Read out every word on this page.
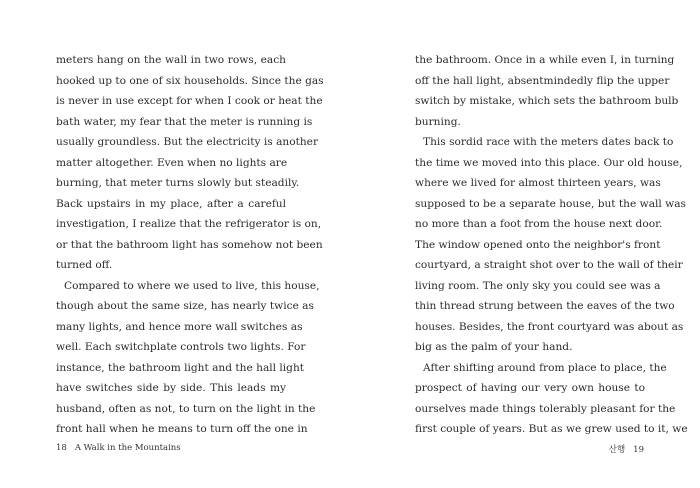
meters hang on the wall in two rows, each
hooked up to one of six households. Since the gas
is never in use except for when I cook or heat the
bath water, my fear that the meter is running is
usually groundless. But the electricity is another
matter altogether. Even when no lights are
burning, that meter turns slowly but steadily.
Back upstairs in my place, after a careful
investigation, I realize that the refrigerator is on,
or that the bathroom light has somehow not been
turned off.
Compared to where we used to live, this house,
though about the same size, has nearly twice as
many lights, and hence more wall switches as
well. Each switchplate controls two lights. For
instance, the bathroom light and the hall light
have switches side by side. This leads my
husband, often as not, to turn on the light in the
front hall when he means to turn off the one in
the bathroom. Once in a while even I, in turning
off the hall light, absentmindedly flip the upper
switch by mistake, which sets the bathroom bulb
burning.
This sordid race with the meters dates back to
the time we moved into this place. Our old house,
where we lived for almost thirteen years, was
supposed to be a separate house, but the wall was
no more than a foot from the house next door.
The window opened onto the neighbor's front
courtyard, a straight shot over to the wall of their
living room. The only sky you could see was a
thin thread strung between the eaves of the two
houses. Besides, the front courtyard was about as
big as the palm of your hand.
After shifting around from place to place, the
prospect of having our very own house to
ourselves made things tolerably pleasant for the
first couple of years. But as we grew used to it, we
18 A Walk in the Mountains	산행 19
